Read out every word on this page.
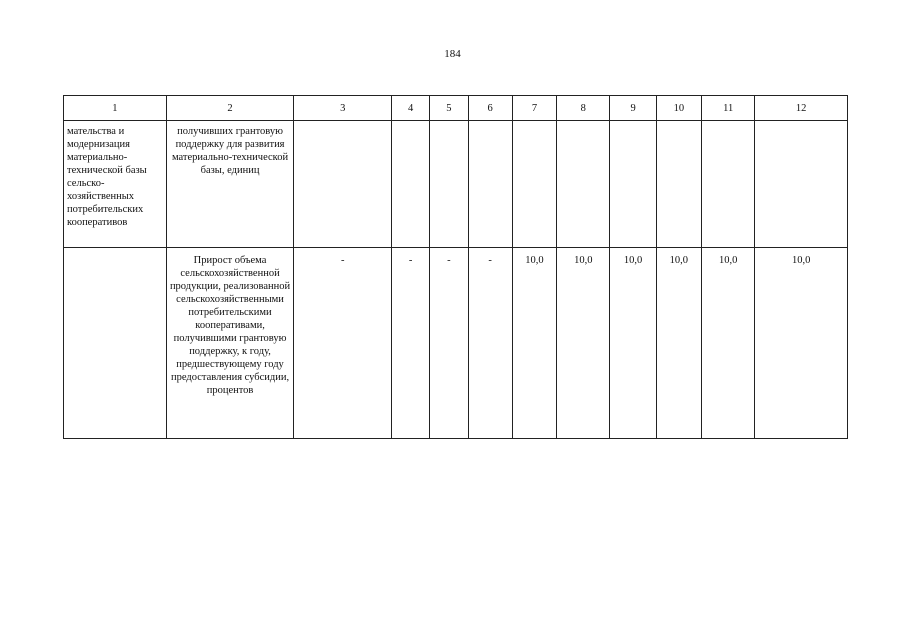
184
1	2	3	4	5	6	7	8	9	10	11	12
мательства и модернизация материально-технической базы сельско-хозяйственных потребительских кооперативов	получивших грантовую поддержку для развития материально-технической базы, единиц										
	Прирост объема сельскохозяйственной продукции, реализованной сельскохозяйственными потребительскими кооперативами, получившими грантовую поддержку, к году, предшествующему году предоставления субсидии, процентов	-	-	-	-	10,0	10,0	10,0	10,0	10,0	10,0
